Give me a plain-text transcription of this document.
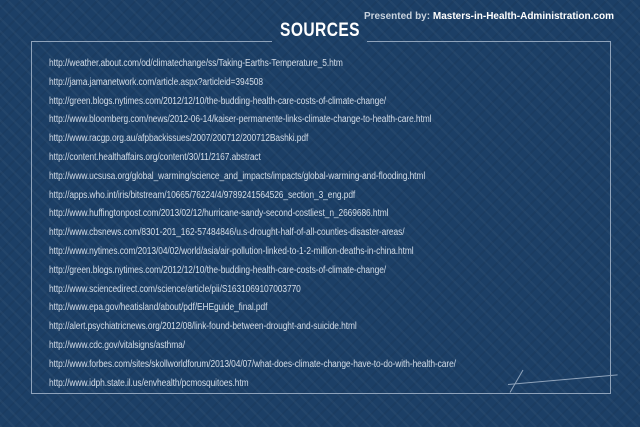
Presented by: Masters-in-Health-Administration.com
SOURCES
http://weather.about.com/od/climatechange/ss/Taking-Earths-Temperature_5.htm
http://jama.jamanetwork.com/article.aspx?articleid=394508
http://green.blogs.nytimes.com/2012/12/10/the-budding-health-care-costs-of-climate-change/
http://www.bloomberg.com/news/2012-06-14/kaiser-permanente-links-climate-change-to-health-care.html
http://www.racgp.org.au/afpbackissues/2007/200712/200712Bashki.pdf
http://content.healthaffairs.org/content/30/11/2167.abstract
http://www.ucsusa.org/global_warming/science_and_impacts/impacts/global-warming-and-flooding.html
http://apps.who.int/iris/bitstream/10665/76224/4/9789241564526_section_3_eng.pdf
http://www.huffingtonpost.com/2013/02/12/hurricane-sandy-second-costliest_n_2669686.html
http://www.cbsnews.com/8301-201_162-57484846/u.s-drought-half-of-all-counties-disaster-areas/
http://www.nytimes.com/2013/04/02/world/asia/air-pollution-linked-to-1-2-million-deaths-in-china.html
http://green.blogs.nytimes.com/2012/12/10/the-budding-health-care-costs-of-climate-change/
http://www.sciencedirect.com/science/article/pii/S1631069107003770
http://www.epa.gov/heatisland/about/pdf/EHEguide_final.pdf
http://alert.psychiatricnews.org/2012/08/link-found-between-drought-and-suicide.html
http://www.cdc.gov/vitalsigns/asthma/
http://www.forbes.com/sites/skollworldforum/2013/04/07/what-does-climate-change-have-to-do-with-health-care/
http://www.idph.state.il.us/envhealth/pcmosquitoes.htm
